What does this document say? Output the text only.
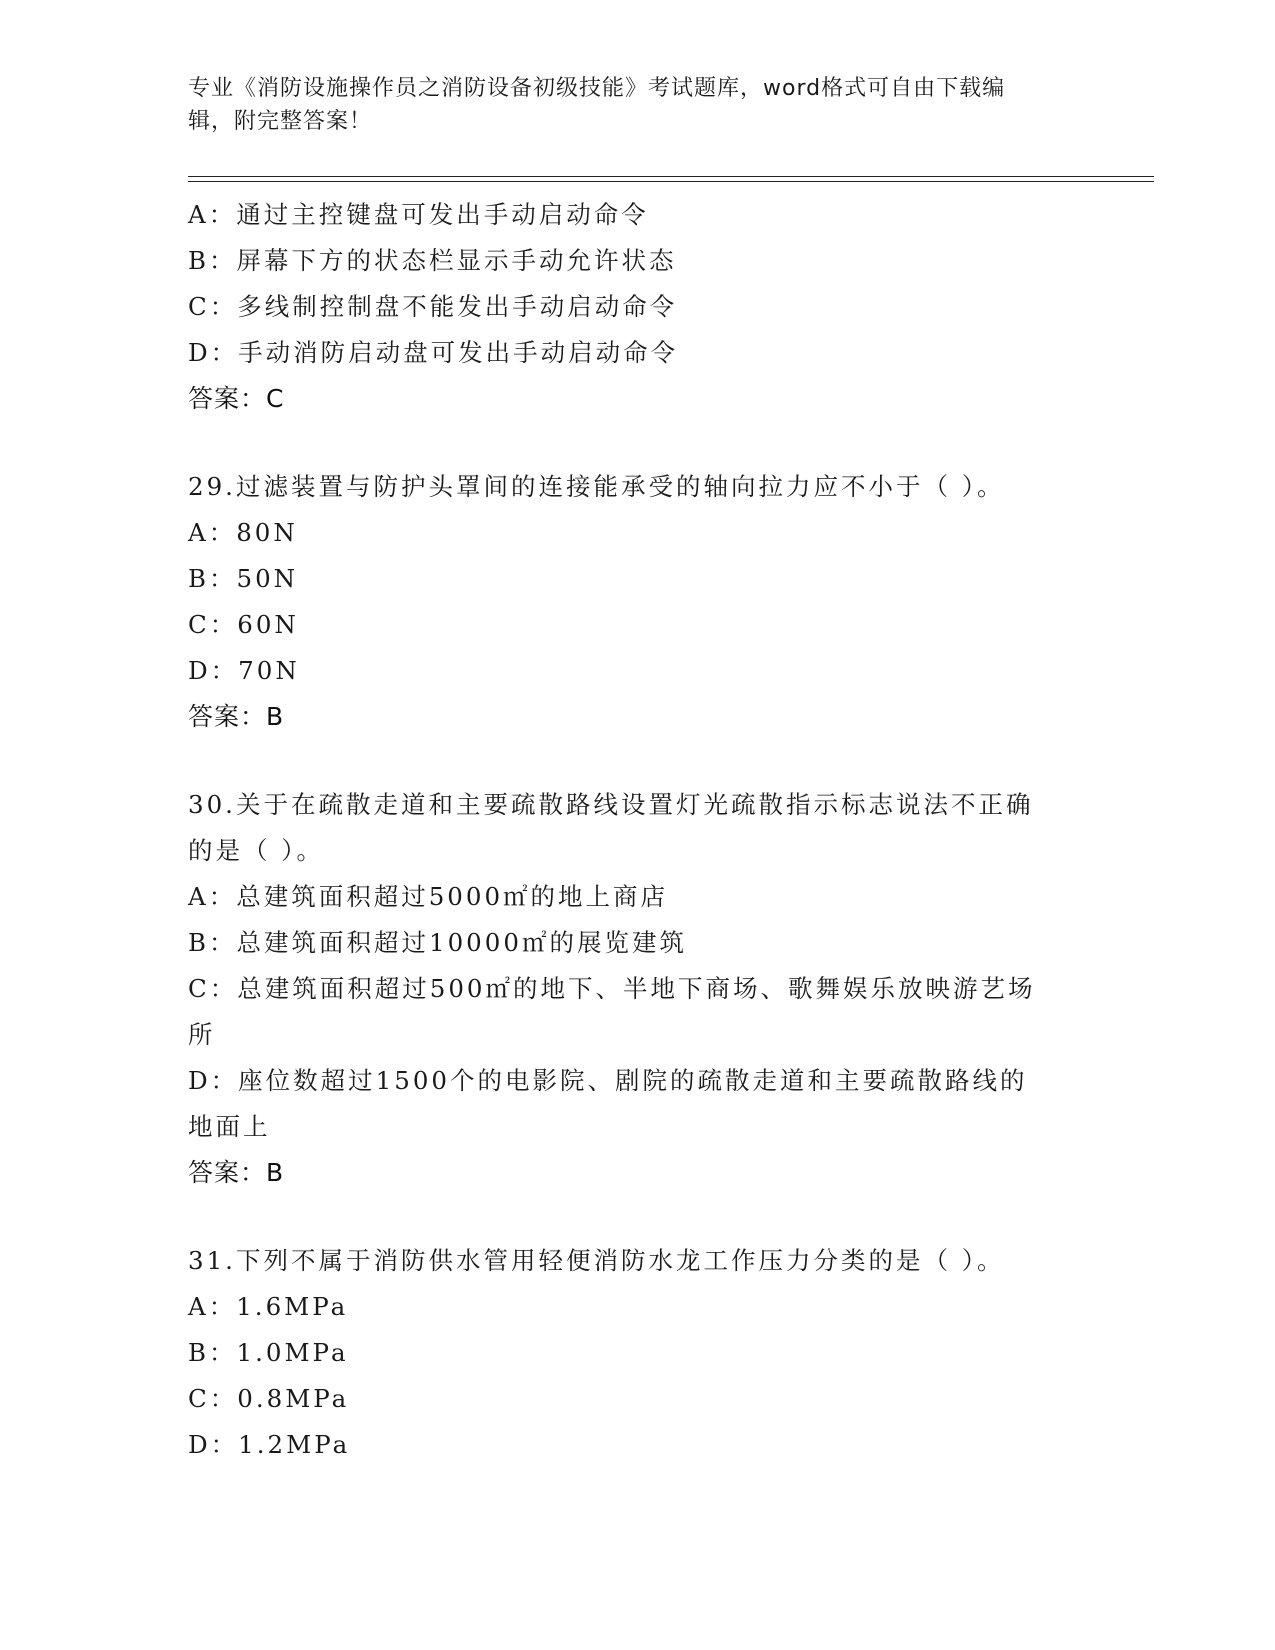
专业《消防设施操作员之消防设备初级技能》考试题库，word格式可自由下载编
辑，附完整答案！
A：通过主控键盘可发出手动启动命令
B：屏幕下方的状态栏显示手动允许状态
C：多线制控制盘不能发出手动启动命令
D：手动消防启动盘可发出手动启动命令
答案：C
29.过滤装置与防护头罩间的连接能承受的轴向拉力应不小于（ ）。
A：80N
B：50N
C：60N
D：70N
答案：B
30.关于在疏散走道和主要疏散路线设置灯光疏散指示标志说法不正确
的是（ ）。
A：总建筑面积超过5000㎡的地上商店
B：总建筑面积超过10000㎡的展览建筑
C：总建筑面积超过500㎡的地下、半地下商场、歌舞娱乐放映游艺场
所
D：座位数超过1500个的电影院、剧院的疏散走道和主要疏散路线的
地面上
答案：B
31.下列不属于消防供水管用轻便消防水龙工作压力分类的是（ ）。
A：1.6MPa
B：1.0MPa
C：0.8MPa
D：1.2MPa
